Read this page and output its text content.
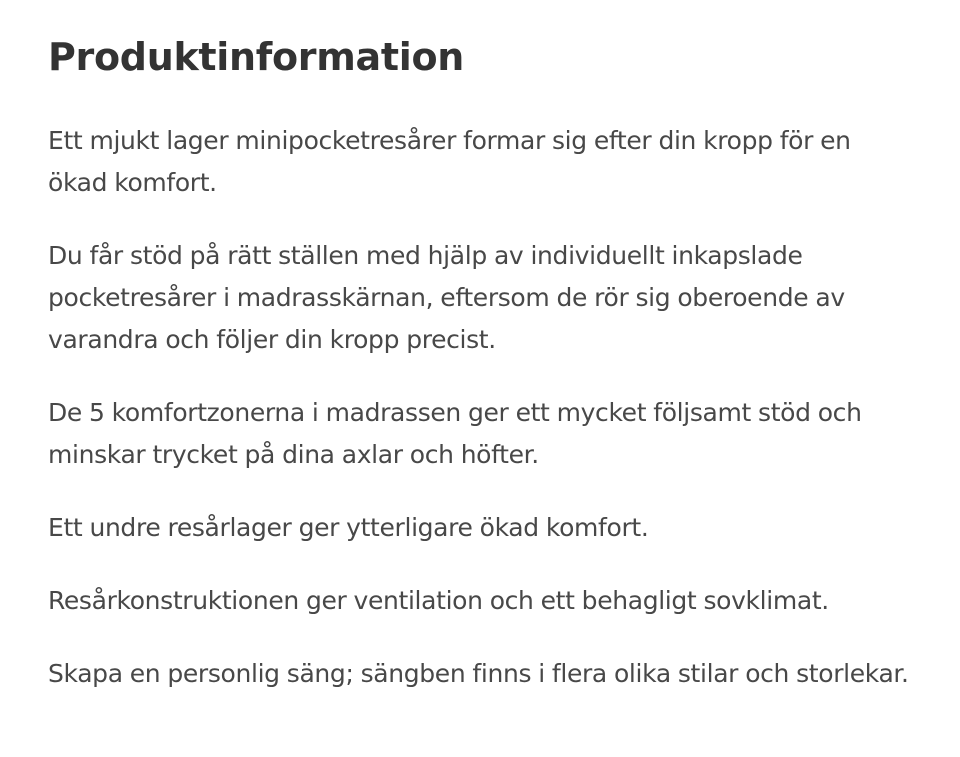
Produktinformation

Ett mjukt lager minipocketresårer formar sig efter din kropp för en ökad komfort.

Du får stöd på rätt ställen med hjälp av individuellt inkapslade pocketresårer i madrasskärnan, eftersom de rör sig oberoende av varandra och följer din kropp precist.

De 5 komfortzonerna i madrassen ger ett mycket följsamt stöd och minskar trycket på dina axlar och höfter.

Ett undre resårlager ger ytterligare ökad komfort.

Resårkonstruktionen ger ventilation och ett behagligt sovklimat.

Skapa en personlig säng; sängben finns i flera olika stilar och storlekar.
